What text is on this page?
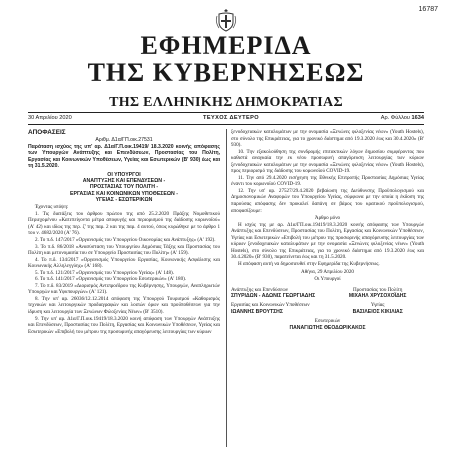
16787
ΕΦΗΜΕΡΙΔΑ
ΤΗΣ ΚΥΒΕΡΝΗΣΕΩΣ
ΤΗΣ ΕΛΛΗΝΙΚΗΣ ΔΗΜΟΚΡΑΤΙΑΣ
30 Απριλίου 2020	ΤΕΥΧΟΣ ΔΕΥΤΕΡΟ	Αρ. Φύλλου 1634
ΑΠΟΦΑΣΕΙΣ
Αριθμ. Δ1α/ΓΠ.οικ.27531
Παράταση ισχύος της υπ' αρ. Δ1α/Γ.Π.οικ.19419/ 18.3.2020 κοινής απόφασης των Υπουργών Ανάπτυξης και Επενδύσεων, Προστασίας του Πολίτη, Εργασίας και Κοινωνικών Υποθέσεων, Υγείας και Εσωτερικών (Β' 930) έως και τη 31.5.2020.
ΟΙ ΥΠΟΥΡΓΟΙ
ΑΝΑΠΤΥΞΗΣ ΚΑΙ ΕΠΕΝΔΥΣΕΩΝ -
ΠΡΟΣΤΑΣΙΑΣ ΤΟΥ ΠΟΛΙΤΗ -
ΕΡΓΑΣΙΑΣ ΚΑΙ ΚΟΙΝΩΝΙΚΩΝ ΥΠΟΘΕΣΕΩΝ -
ΥΓΕΙΑΣ - ΕΣΩΤΕΡΙΚΩΝ
Έχοντας υπόψη:
1. Τις διατάξεις του άρθρου πρώτου της από 25.2.2020 Πράξης Νομοθετικού Περιεχομένου «Κατεπείγοντα μέτρα αποφυγής και περιορισμού της διάδοσης κορωνοϊού» (Α' 42) και ιδίως της περ. ζ' της παρ. 2 και της παρ. 4 αυτού, όπως κυρώθηκε με το άρθρο 1 του ν. 4682/2020 (Α' 76).
2. Το π.δ. 147/2017 «Οργανισμός του Υπουργείου Οικονομίας και Ανάπτυξης» (Α' 192).
3. Το π.δ. 86/2018 «Ανασύσταση του Υπουργείου Δημόσιας Τάξης και Προστασίας του Πολίτη και μετονομασία του σε Υπουργείο Προστασίας του Πολίτη» (Α' 159).
4. Το π.δ. 134/2017 «Οργανισμός Υπουργείου Εργασίας, Κοινωνικής Ασφάλισης και Κοινωνικής Αλληλεγγύης» (Α' 168).
5. Το π.δ. 121/2017 «Οργανισμός του Υπουργείου Υγείας» (Α' 148).
6. Το π.δ. 141/2017 «Οργανισμός του Υπουργείου Εσωτερικών» (Α' 180).
7. Το π.δ. 83/2019 «Διορισμός Αντιπροέδρου της Κυβέρνησης, Υπουργών, Αναπληρωτών Υπουργών και Υφυπουργών» (Α' 121).
8. Την υπ' αρ. 26036/12.12.2014 απόφαση της Υπουργού Τουρισμού «Καθορισμός τεχνικών και λειτουργικών προδιαγραφών και λοιπών όρων και προϋποθέσεων για την ίδρυση και λειτουργία των Ξενώνων Φιλοξενίας Νέων» (Β' 3510).
9. Την υπ' αρ. Δ1α/Γ.Π.οικ.19419/18.3.2020 κοινή απόφαση των Υπουργών Ανάπτυξης και Επενδύσεων, Προστασίας του Πολίτη, Εργασίας και Κοινωνικών Υποθέσεων, Υγείας και Εσωτερικών «Επιβολή του μέτρου της προσωρινής απαγόρευσης λειτουργίας των κύριων
ξενοδοχειακών καταλυμάτων με την ονομασία «Ξενώνες φιλοξενίας νέων» (Youth Hostels), στο σύνολο της Επικράτειας, για το χρονικό διάστημα από 19.3.2020 έως και 30.4.2020» (Β' 930).
10. Την εξακολούθηση της συνδρομής επιτακτικών λόγων δημοσίου συμφέροντος που καθιστά αναγκαία την εκ νέου προσωρινή απαγόρευση λειτουργίας των κύριων ξενοδοχειακών καταλυμάτων με την ονομασία «Ξενώνες φιλοξενίας νέων» (Youth Hostels), προς περιορισμό της διάδοσης του κορωνοϊού COVID-19.
11. Την από 29.4.2020 εισήγηση της Εθνικής Επιτροπής Προστασίας Δημόσιας Υγείας έναντι του κορωνοϊού COVID-19.
12. Την υπ' αρ. 27527/29.4.2020 βεβαίωση της Διεύθυνσης Προϋπολογισμού και Δημοσιονομικών Αναφορών του Υπουργείου Υγείας, σύμφωνα με την οποία η έκδοση της παρούσας απόφασης δεν προκαλεί δαπάνη σε βάρος του κρατικού προϋπολογισμού, αποφασίζουμε:
Άρθρο μόνο
Η ισχύς της με αρ. Δ1α/ΓΠ.οικ.19419/18.3.2020 κοινής απόφασης των Υπουργών Ανάπτυξης και Επενδύσεων, Προστασίας του Πολίτη, Εργασίας και Κοινωνικών Υποθέσεων, Υγείας και Εσωτερικών «Επιβολή του μέτρου της προσωρινής απαγόρευσης λειτουργίας των κύριων ξενοδοχειακών καταλυμάτων με την ονομασία «Ξενώνες φιλοξενίας νέων» (Youth Hostels), στο σύνολο της Επικράτειας, για το χρονικό διάστημα από 19.3.2020 έως και 30.4.2020» (Β' 930), παρατείνεται έως και τη 31.5.2020.
Η απόφαση αυτή να δημοσιευθεί στην Εφημερίδα της Κυβερνήσεως.
Αθήνα, 29 Απριλίου 2020
Οι Υπουργοί
Ανάπτυξης και Επενδύσεων
ΣΠΥΡΙΔΩΝ - ΑΔΩΝΙΣ ΓΕΩΡΓΙΑΔΗΣ
Προστασίας του Πολίτη
ΜΙΧΑΗΛ ΧΡΥΣΟΧΟΪΔΗΣ
Εργασίας και Κοινωνικών Υποθέσεων
ΙΩΑΝΝΗΣ ΒΡΟΥΤΣΗΣ
Υγείας
ΒΑΣΙΛΕΙΟΣ ΚΙΚΙΛΙΑΣ
Εσωτερικών
ΠΑΝΑΓΙΩΤΗΣ ΘΕΟΔΩΡΙΚΑΚΟΣ
